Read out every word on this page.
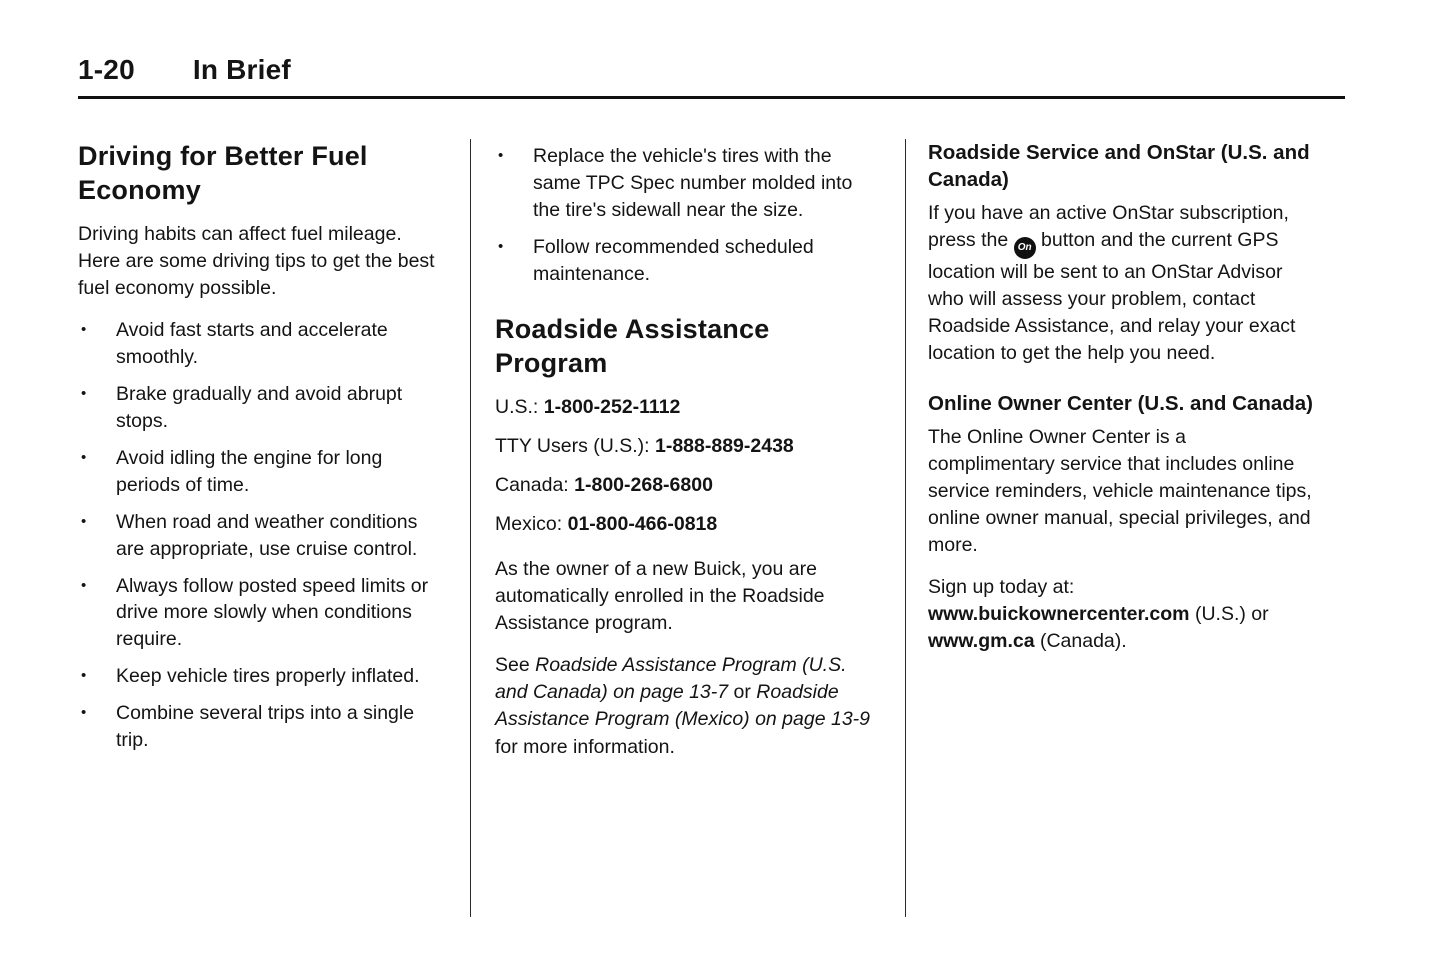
1-20 In Brief
Driving for Better Fuel Economy

Driving habits can affect fuel mileage. Here are some driving tips to get the best fuel economy possible.

•	Avoid fast starts and accelerate smoothly.
•	Brake gradually and avoid abrupt stops.
•	Avoid idling the engine for long periods of time.
•	When road and weather conditions are appropriate, use cruise control.
•	Always follow posted speed limits or drive more slowly when conditions require.
•	Keep vehicle tires properly inflated.
•	Combine several trips into a single trip.
•	Replace the vehicle's tires with the same TPC Spec number molded into the tire's sidewall near the size.
•	Follow recommended scheduled maintenance.
Roadside Assistance Program
U.S.: 1-800-252-1112
TTY Users (U.S.): 1-888-889-2438
Canada: 1-800-268-6800
Mexico: 01-800-466-0818

As the owner of a new Buick, you are automatically enrolled in the Roadside Assistance program.

See Roadside Assistance Program (U.S. and Canada) on page 13-7 or Roadside Assistance Program (Mexico) on page 13-9 for more information.

Roadside Service and OnStar (U.S. and Canada)

If you have an active OnStar subscription, press the On button and the current GPS location will be sent to an OnStar Advisor who will assess your problem, contact Roadside Assistance, and relay your exact location to get the help you need.

Online Owner Center (U.S. and Canada)

The Online Owner Center is a complimentary service that includes online service reminders, vehicle maintenance tips, online owner manual, special privileges, and more.

Sign up today at: www.buickownercenter.com (U.S.) or www.gm.ca (Canada).
